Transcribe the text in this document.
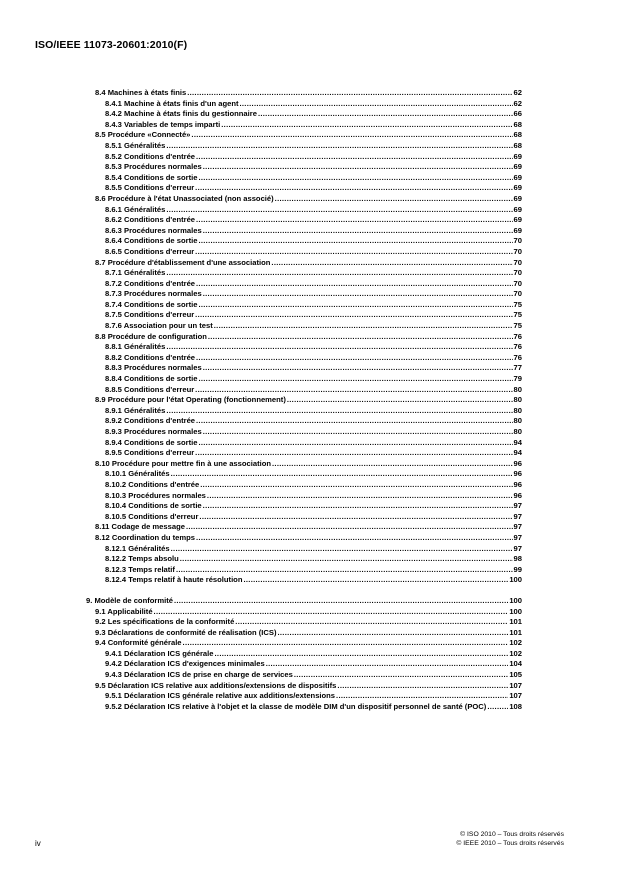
ISO/IEEE 11073-20601:2010(F)
8.4 Machines à états finis .....	62
8.4.1 Machine à états finis d'un agent .....	62
8.4.2 Machine à états finis du gestionnaire .....	66
8.4.3 Variables de temps imparti .....	68
8.5 Procédure «Connecté» .....	68
8.5.1 Généralités .....	68
8.5.2 Conditions d'entrée .....	69
8.5.3 Procédures normales .....	69
8.5.4 Conditions de sortie .....	69
8.5.5 Conditions d'erreur .....	69
8.6 Procédure à l'état Unassociated (non associé) .....	69
8.6.1 Généralités .....	69
8.6.2 Conditions d'entrée .....	69
8.6.3 Procédures normales .....	69
8.6.4 Conditions de sortie .....	70
8.6.5 Conditions d'erreur .....	70
8.7 Procédure d'établissement d'une association .....	70
8.7.1 Généralités .....	70
8.7.2 Conditions d'entrée .....	70
8.7.3 Procédures normales .....	70
8.7.4 Conditions de sortie .....	75
8.7.5 Conditions d'erreur .....	75
8.7.6 Association pour un test .....	75
8.8 Procédure de configuration .....	76
8.8.1 Généralités .....	76
8.8.2 Conditions d'entrée .....	76
8.8.3 Procédures normales .....	77
8.8.4 Conditions de sortie .....	79
8.8.5 Conditions d'erreur .....	80
8.9 Procédure pour l'état Operating (fonctionnement) .....	80
8.9.1 Généralités .....	80
8.9.2 Conditions d'entrée .....	80
8.9.3 Procédures normales .....	80
8.9.4 Conditions de sortie .....	94
8.9.5 Conditions d'erreur .....	94
8.10 Procédure pour mettre fin à une association .....	96
8.10.1 Généralités .....	96
8.10.2 Conditions d'entrée .....	96
8.10.3 Procédures normales .....	96
8.10.4 Conditions de sortie .....	97
8.10.5 Conditions d'erreur .....	97
8.11 Codage de message .....	97
8.12 Coordination du temps .....	97
8.12.1 Généralités .....	97
8.12.2 Temps absolu .....	98
8.12.3 Temps relatif .....	99
8.12.4 Temps relatif à haute résolution .....	100
9. Modèle de conformité .....	100
9.1 Applicabilité .....	100
9.2 Les spécifications de la conformité .....	101
9.3 Déclarations de conformité de réalisation (ICS) .....	101
9.4 Conformité générale .....	102
9.4.1 Déclaration ICS générale .....	102
9.4.2 Déclaration ICS d'exigences minimales .....	104
9.4.3 Déclaration ICS de prise en charge de services .....	105
9.5 Déclaration ICS relative aux additions/extensions de dispositifs .....	107
9.5.1 Déclaration ICS générale relative aux additions/extensions .....	107
9.5.2 Déclaration ICS relative à l'objet et la classe de modèle DIM d'un dispositif personnel de santé (POC) .....	108
iv
© ISO 2010 – Tous droits réservés
© IEEE 2010 – Tous droits réservés
